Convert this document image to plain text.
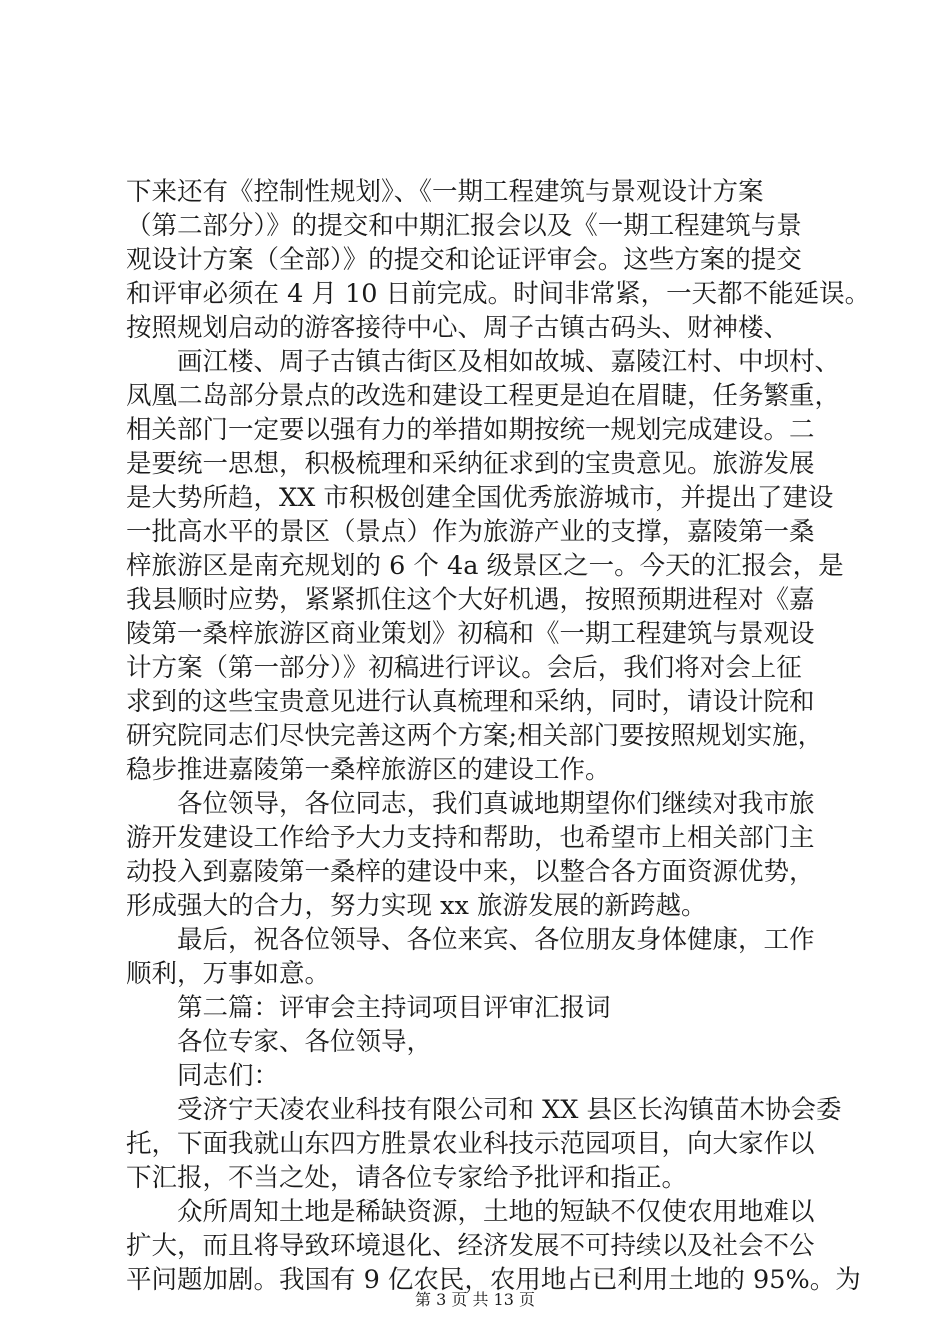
下来还有《控制性规划》、《一期工程建筑与景观设计方案
（第二部分）》的提交和中期汇报会以及《一期工程建筑与景
观设计方案（全部）》的提交和论证评审会。这些方案的提交
和评审必须在 4 月 10 日前完成。时间非常紧，一天都不能延误。
按照规划启动的游客接待中心、周子古镇古码头、财神楼、
画江楼、周子古镇古街区及相如故城、嘉陵江村、中坝村、
凤凰二岛部分景点的改选和建设工程更是迫在眉睫，任务繁重，
相关部门一定要以强有力的举措如期按统一规划完成建设。二
是要统一思想，积极梳理和采纳征求到的宝贵意见。旅游发展
是大势所趋，XX 市积极创建全国优秀旅游城市，并提出了建设
一批高水平的景区（景点）作为旅游产业的支撑，嘉陵第一桑
梓旅游区是南充规划的 6 个 4a 级景区之一。今天的汇报会，是
我县顺时应势，紧紧抓住这个大好机遇，按照预期进程对《嘉
陵第一桑梓旅游区商业策划》初稿和《一期工程建筑与景观设
计方案（第一部分）》初稿进行评议。会后，我们将对会上征
求到的这些宝贵意见进行认真梳理和采纳，同时，请设计院和
研究院同志们尽快完善这两个方案;相关部门要按照规划实施，
稳步推进嘉陵第一桑梓旅游区的建设工作。
各位领导，各位同志，我们真诚地期望你们继续对我市旅
游开发建设工作给予大力支持和帮助，也希望市上相关部门主
动投入到嘉陵第一桑梓的建设中来，以整合各方面资源优势，
形成强大的合力，努力实现 xx 旅游发展的新跨越。
最后，祝各位领导、各位来宾、各位朋友身体健康，工作
顺利，万事如意。
第二篇：评审会主持词项目评审汇报词
各位专家、各位领导，
同志们：
受济宁天凌农业科技有限公司和 XX 县区长沟镇苗木协会委
托，下面我就山东四方胜景农业科技示范园项目，向大家作以
下汇报，不当之处，请各位专家给予批评和指正。
众所周知土地是稀缺资源，土地的短缺不仅使农用地难以
扩大，而且将导致环境退化、经济发展不可持续以及社会不公
平问题加剧。我国有 9 亿农民，农用地占已利用土地的 95%。为
第 3 页 共 13 页
